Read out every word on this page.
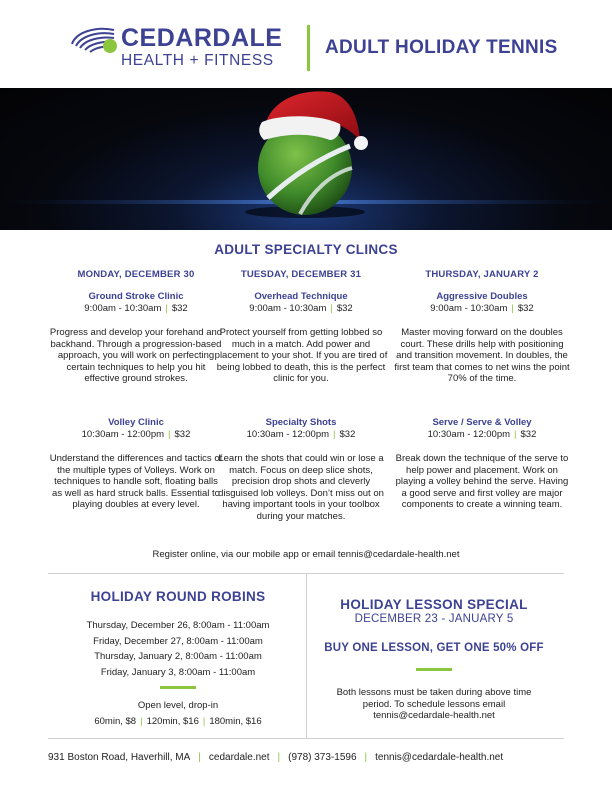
CEDARDALE
HEALTH + FITNESS
ADULT HOLIDAY TENNIS
ADULT SPECIALTY CLINCS
MONDAY, DECEMBER 30
Ground Stroke Clinic
9:00am - 10:30am | $32
Progress and develop your forehand and backhand. Through a progression-based approach, you will work on perfecting certain techniques to help you hit effective ground strokes.
Volley Clinic
10:30am - 12:00pm | $32
Understand the differences and tactics of the multiple types of Volleys. Work on techniques to handle soft, floating balls as well as hard struck balls. Essential to playing doubles at every level.
TUESDAY, DECEMBER 31
Overhead Technique
9:00am - 10:30am | $32
Protect yourself from getting lobbed so much in a match. Add power and placement to your shot. If you are tired of being lobbed to death, this is the perfect clinic for you.
Specialty Shots
10:30am - 12:00pm | $32
Learn the shots that could win or lose a match. Focus on deep slice shots, precision drop shots and cleverly disguised lob volleys. Don’t miss out on having important tools in your toolbox during your matches.
THURSDAY, JANUARY 2
Aggressive Doubles
9:00am - 10:30am | $32
Master moving forward on the doubles court. These drills help with positioning and transition movement. In doubles, the first team that comes to net wins the point 70% of the time.
Serve / Serve & Volley
10:30am - 12:00pm | $32
Break down the technique of the serve to help power and placement. Work on playing a volley behind the serve. Having a good serve and first volley are major components to create a winning team.
Register online, via our mobile app or email tennis@cedardale-health.net
HOLIDAY ROUND ROBINS
Thursday, December 26, 8:00am - 11:00am
Friday, December 27, 8:00am - 11:00am
Thursday, January 2, 8:00am - 11:00am
Friday, January 3, 8:00am - 11:00am
Open level, drop-in
60min, $8 | 120min, $16 | 180min, $16
HOLIDAY LESSON SPECIAL
DECEMBER 23 - JANUARY 5
BUY ONE LESSON, GET ONE 50% OFF
Both lessons must be taken during above time period. To schedule lessons email tennis@cedardale-health.net
931 Boston Road, Haverhill, MA | cedardale.net | (978) 373-1596 | tennis@cedardale-health.net
